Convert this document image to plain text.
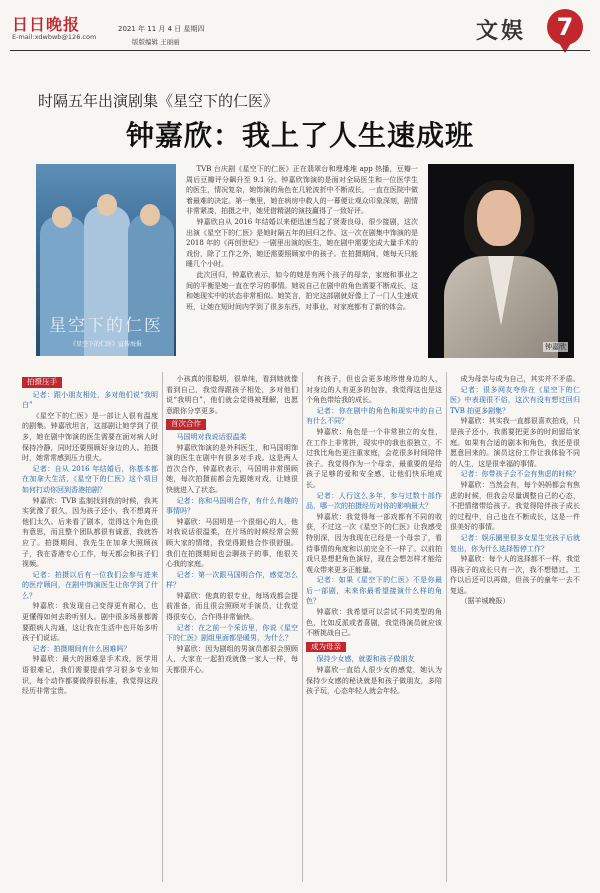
日日晚报
E-mail:xdwbwb@126.com
2021 年 11 月 4 日 星期四
版版编辑 王丽丽	文娱	7
时隔五年出演剧集《星空下的仁医》
钟嘉欣：我上了人生速成班
星空下的仁医
《星空下的仁医》宣传海报

TVB 台庆剧《星空下的仁医》正在翡翠台和埋堆堆 app 热播，豆瓣一周后豆瓣评分飙升至 9.1 分。钟嘉欣饰演的是面对全局医生和一位医学生的医生，情况复杂，她饰演的角色在几轮波折中不断成长，一直在医院中做着最难的决定。第一集里，她在病房中救人的一幕便让观众印象深刻，剧情非常紧凑，拍摄之中，她凭借精湛的演技赢得了一致好评。

钟嘉欣自从 2016 年结婚以来便迅速当起了贤妻良母，很少接剧，这次出演《星空下的仁医》是她时隔五年的回归之作。这一次在剧集中饰演的是 2018 年的《再创世纪》一剧里出演的医生，她在剧中需要完成大量手术的戏份，除了工作之外，她还需要照顾家中的孩子。在拍摄期间，她每天只能睡几个小时。

此次回归，钟嘉欣表示，如今的她是有两个孩子的母亲，家庭和事业之间的平衡是她一直在学习的事情。她说自己在剧中的角色需要不断成长，这和她现实中的状态非常相似。她笑言，拍完这部剧就好像上了一门人生速成班，让她在短时间内学到了很多东西，对事业、对家庭都有了新的体会。

钟嘉欣
拍摄压手

记者：跟小朋友相处，多对他们说“我明白”

《星空下的仁医》是一部让人很有温度的剧集。钟嘉欣坦言，这部剧让她学到了很多，她在剧中饰演的医生需要在面对病人时保持冷静，同时还要照顾好身边的人。拍摄时，她常常感到压力很大。

记者：自从 2016 年结婚后，你基本都在加拿大生活，《星空下的仁医》这个项目如何打动你回到香港拍剧？

钟嘉欣：TVB 监制找到我的时候，我其实犹豫了很久，因为孩子还小，我不想离开他们太久。后来看了剧本，觉得这个角色很有意思，而且整个团队都很有诚意，我就答应了。拍摄期间，我先生在加拿大照顾孩子，我在香港专心工作，每天都会和孩子们视频。

记者：拍摄以后有一位我们会参与进来的医疗顾问，在剧中饰演医生让你学到了什么？

钟嘉欣：我发现自己变得更有耐心，也更懂得如何去聆听别人。剧中很多场景都需要跟病人沟通，这让我在生活中也开始多听孩子们说话。

记者：拍摄期间有什么困难吗？

钟嘉欣：最大的困难是手术戏，医学用语很难记，我们需要提前学习很多专业知识，每个动作都要做得很标准，我觉得这段经历非常宝贵。

小孩真的很聪明，很单纯，看到她就像看到自己，我觉得跟孩子相处，多对他们说“我明白”，他们就会觉得被理解，也愿意跟你分享更多。

首次合作

马国明对我说话很温柔

钟嘉欣饰演的是外科医生，和马国明饰演的医生在剧中有很多对手戏。这是两人首次合作，钟嘉欣表示，马国明非常照顾她，每次拍摄前都会先跟她对戏，让她很快就进入了状态。

记者：你和马国明合作，有什么有趣的事情吗？

钟嘉欣：马国明是一个很细心的人，他对我说话很温柔，在片场的时候经常会照顾大家的情绪，我觉得跟他合作很舒服。我们在拍摄期间也会聊孩子的事，他很关心我的家庭。

记者：第一次跟马国明合作，感觉怎么样？

钟嘉欣：他真的很专业，每场戏都会提前准备，而且很会照顾对手演员，让我觉得很安心，合作得非常愉快。

记者：在之前一个采访里，你说《星空下的仁医》剧组里面都是暖男，为什么？

钟嘉欣：因为剧组的男演员都很会照顾人，大家在一起拍戏就像一家人一样，每天都很开心。

有孩子，但也会更多地珍惜身边的人，对身边的人有更多的包容，我觉得这也是这个角色带给我的成长。

记者：你在剧中的角色和现实中的自己有什么不同？

钟嘉欣：角色是一个非常独立的女性，在工作上非常拼，现实中的我也很独立，不过我比角色更注重家庭，会花很多时间陪伴孩子。我觉得作为一个母亲，最重要的是给孩子足够的爱和安全感，让他们快乐地成长。

记者：人行这么多年，参与过数十部作品，哪一次的拍摄经历对你的影响最大？

钟嘉欣：我觉得每一部戏都有不同的收获，不过这一次《星空下的仁医》让我感受特别深，因为我现在已经是一个母亲了，看待事情的角度和以前完全不一样了。以前拍戏只是想把角色演好，现在会想怎样才能给观众带来更多正能量。

记者：如果《星空下的仁医》不是你最后一部剧，未来你最希望接演什么样的角色？

钟嘉欣：我希望可以尝试不同类型的角色，比如反派或者喜剧，我觉得演员就应该不断挑战自己。

成为母亲

保持少女感，就要和孩子做朋友

钟嘉欣一直给人很少女的感觉，她认为保持少女感的秘诀就是和孩子做朋友，多陪孩子玩，心态年轻人就会年轻。

成为母亲与成为自己，其实并不矛盾。

记者：很多网友夸你在《星空下的仁医》中表现很不俗，这次有没有想过回归 TVB 拍更多剧集？

钟嘉欣：其实我一直都很喜欢拍戏，只是孩子还小，我需要把更多的时间留给家庭。如果有合适的剧本和角色，我还是很愿意回来的。演员这份工作让我体验不同的人生，这是很幸福的事情。

记者：你带孩子会不会有焦虑的时候？

钟嘉欣：当然会有，每个妈妈都会有焦虑的时候，但我会尽量调整自己的心态，不把情绪带给孩子。我觉得陪伴孩子成长的过程中，自己也在不断成长，这是一件很美好的事情。

记者：娱乐圈里很多女星生完孩子后就复出，你为什么选择暂停工作？

钟嘉欣：每个人的选择都不一样，我觉得孩子的成长只有一次，我不想错过。工作以后还可以再做，但孩子的童年一去不复返。

（据羊城晚报）
